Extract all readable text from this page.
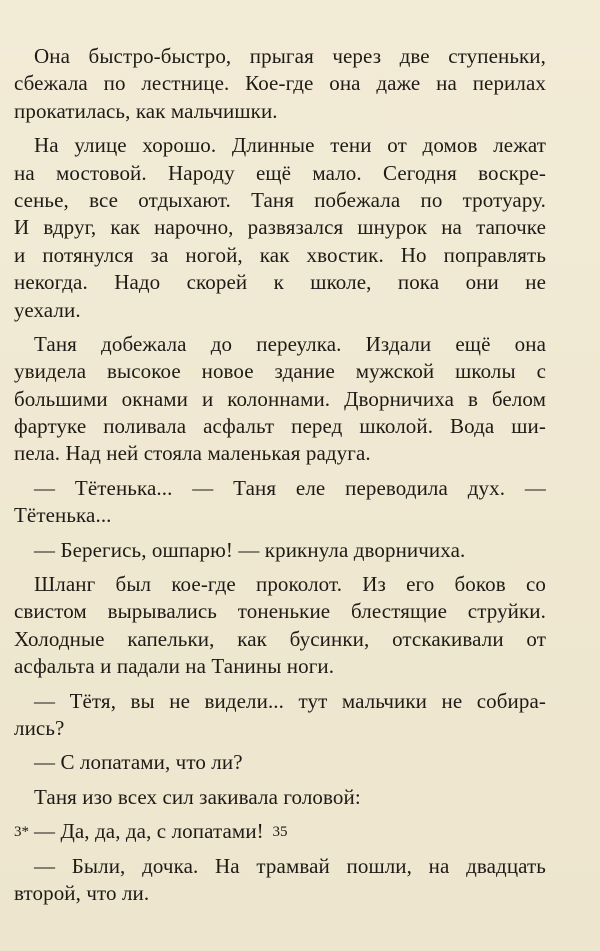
Она быстро-быстро, прыгая через две ступеньки,
сбежала по лестнице. Кое-где она даже на перилах
прокатилась, как мальчишки.
На улице хорошо. Длинные тени от домов лежат
на мостовой. Народу ещё мало. Сегодня воскре-
сенье, все отдыхают. Таня побежала по тротуару.
И вдруг, как нарочно, развязался шнурок на тапочке
и потянулся за ногой, как хвостик. Но поправлять
некогда. Надо скорей к школе, пока они не
уехали.
Таня добежала до переулка. Издали ещё она
увидела высокое новое здание мужской школы с
большими окнами и колоннами. Дворничиха в белом
фартуке поливала асфальт перед школой. Вода ши-
пела. Над ней стояла маленькая радуга.
— Тётенька... — Таня еле переводила дух. —
Тётенька...
— Берегись, ошпарю! — крикнула дворничиха.
Шланг был кое-где проколот. Из его боков со
свистом вырывались тоненькие блестящие струйки.
Холодные капельки, как бусинки, отскакивали от
асфальта и падали на Танины ноги.
— Тётя, вы не видели... тут мальчики не собира-
лись?
— С лопатами, что ли?
Таня изо всех сил закивала головой:
— Да, да, да, с лопатами!
— Были, дочка. На трамвай пошли, на двадцать
второй, что ли.
3*	35
